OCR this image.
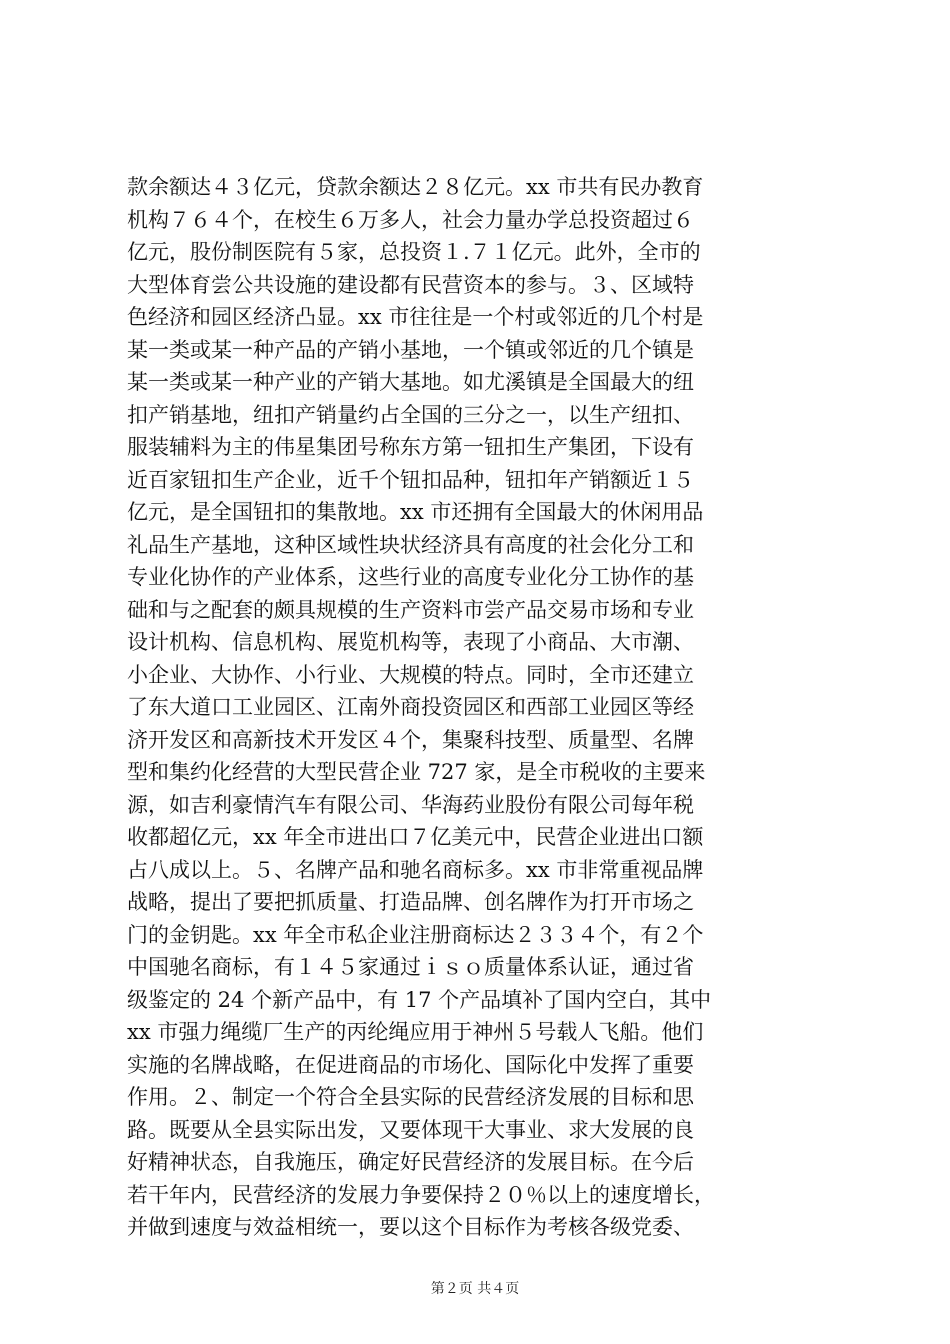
款余额达４３亿元，贷款余额达２８亿元。xx 市共有民办教育
机构７６４个，在校生６万多人，社会力量办学总投资超过６
亿元，股份制医院有５家，总投资１.７１亿元。此外，全市的
大型体育尝公共设施的建设都有民营资本的参与。３、区域特
色经济和园区经济凸显。xx 市往往是一个村或邻近的几个村是
某一类或某一种产品的产销小基地，一个镇或邻近的几个镇是
某一类或某一种产业的产销大基地。如尤溪镇是全国最大的纽
扣产销基地，纽扣产销量约占全国的三分之一，以生产纽扣、
服装辅料为主的伟星集团号称东方第一钮扣生产集团，下设有
近百家钮扣生产企业，近千个钮扣品种，钮扣年产销额近１５
亿元，是全国钮扣的集散地。xx 市还拥有全国最大的休闲用品
礼品生产基地，这种区域性块状经济具有高度的社会化分工和
专业化协作的产业体系，这些行业的高度专业化分工协作的基
础和与之配套的颇具规模的生产资料市尝产品交易市场和专业
设计机构、信息机构、展览机构等，表现了小商品、大市潮、
小企业、大协作、小行业、大规模的特点。同时，全市还建立
了东大道口工业园区、江南外商投资园区和西部工业园区等经
济开发区和高新技术开发区４个，集聚科技型、质量型、名牌
型和集约化经营的大型民营企业 727 家，是全市税收的主要来
源，如吉利豪情汽车有限公司、华海药业股份有限公司每年税
收都超亿元，xx 年全市进出口７亿美元中，民营企业进出口额
占八成以上。５、名牌产品和驰名商标多。xx 市非常重视品牌
战略，提出了要把抓质量、打造品牌、创名牌作为打开市场之
门的金钥匙。xx 年全市私企业注册商标达２３３４个，有２个
中国驰名商标，有１４５家通过ｉｓｏ质量体系认证，通过省
级鉴定的 24 个新产品中，有 17 个产品填补了国内空白，其中
xx 市强力绳缆厂生产的丙纶绳应用于神州５号载人飞船。他们
实施的名牌战略，在促进商品的市场化、国际化中发挥了重要
作用。２、制定一个符合全县实际的民营经济发展的目标和思
路。既要从全县实际出发，又要体现干大事业、求大发展的良
好精神状态，自我施压，确定好民营经济的发展目标。在今后
若干年内，民营经济的发展力争要保持２０％以上的速度增长，
并做到速度与效益相统一，要以这个目标作为考核各级党委、
第２页 共４页
